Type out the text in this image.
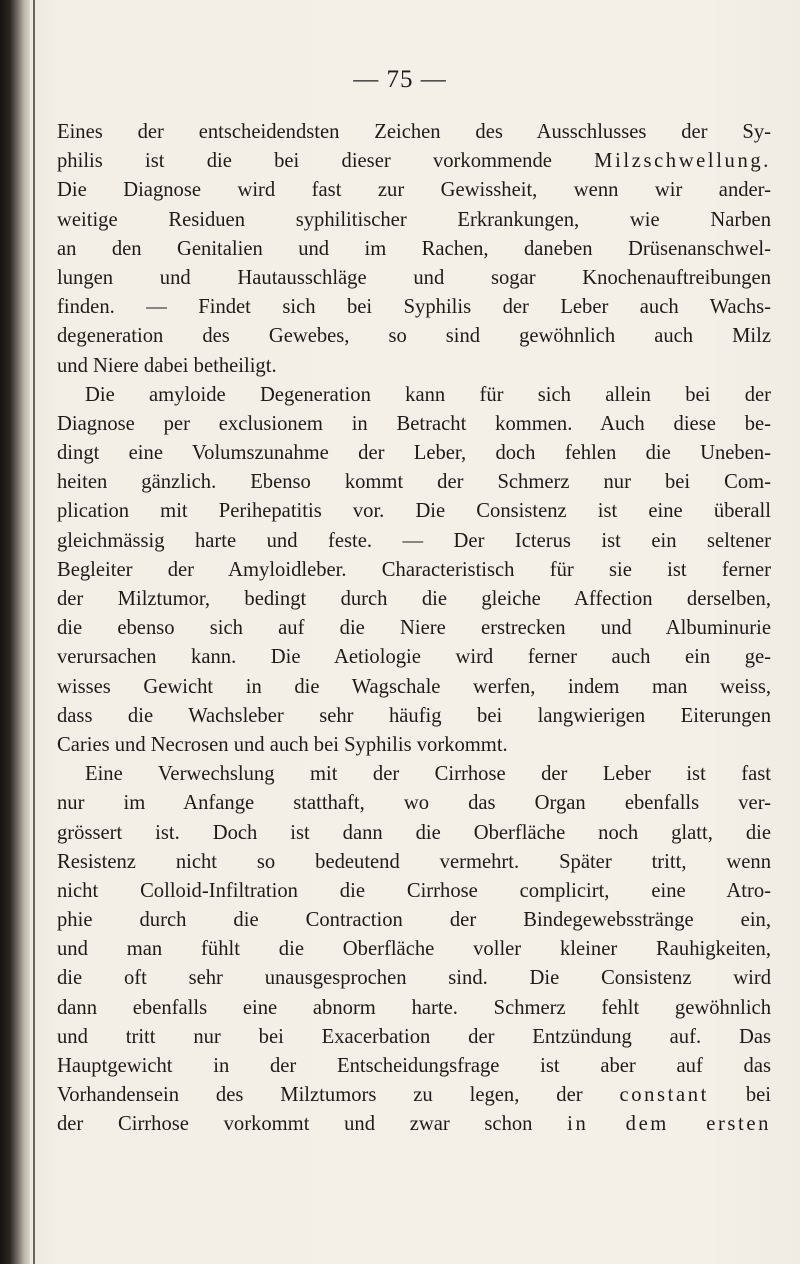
— 75 —
Eines der entscheidendsten Zeichen des Ausschlusses der Sy-
philis ist die bei dieser vorkommende Milzschwellung.
Die Diagnose wird fast zur Gewissheit, wenn wir ander-
weitige Residuen syphilitischer Erkrankungen, wie Narben
an den Genitalien und im Rachen, daneben Drüsenanschwel-
lungen und Hautausschläge und sogar Knochenauftreibungen
finden. — Findet sich bei Syphilis der Leber auch Wachs-
degeneration des Gewebes, so sind gewöhnlich auch Milz
und Niere dabei betheiligt.
Die amyloide Degeneration kann für sich allein bei der
Diagnose per exclusionem in Betracht kommen. Auch diese be-
dingt eine Volumszunahme der Leber, doch fehlen die Uneben-
heiten gänzlich. Ebenso kommt der Schmerz nur bei Com-
plication mit Perihepatitis vor. Die Consistenz ist eine überall
gleichmässig harte und feste. — Der Icterus ist ein seltener
Begleiter der Amyloidleber. Characteristisch für sie ist ferner
der Milztumor, bedingt durch die gleiche Affection derselben,
die ebenso sich auf die Niere erstrecken und Albuminurie
verursachen kann. Die Aetiologie wird ferner auch ein ge-
wisses Gewicht in die Wagschale werfen, indem man weiss,
dass die Wachsleber sehr häufig bei langwierigen Eiterungen
Caries und Necrosen und auch bei Syphilis vorkommt.
Eine Verwechslung mit der Cirrhose der Leber ist fast
nur im Anfange statthaft, wo das Organ ebenfalls ver-
grössert ist. Doch ist dann die Oberfläche noch glatt, die
Resistenz nicht so bedeutend vermehrt. Später tritt, wenn
nicht Colloid-Infiltration die Cirrhose complicirt, eine Atro-
phie durch die Contraction der Bindegewebsstränge ein,
und man fühlt die Oberfläche voller kleiner Rauhigkeiten,
die oft sehr unausgesprochen sind. Die Consistenz wird
dann ebenfalls eine abnorm harte. Schmerz fehlt gewöhnlich
und tritt nur bei Exacerbation der Entzündung auf. Das
Hauptgewicht in der Entscheidungsfrage ist aber auf das
Vorhandensein des Milztumors zu legen, der constant bei
der Cirrhose vorkommt und zwar schon in dem ersten
